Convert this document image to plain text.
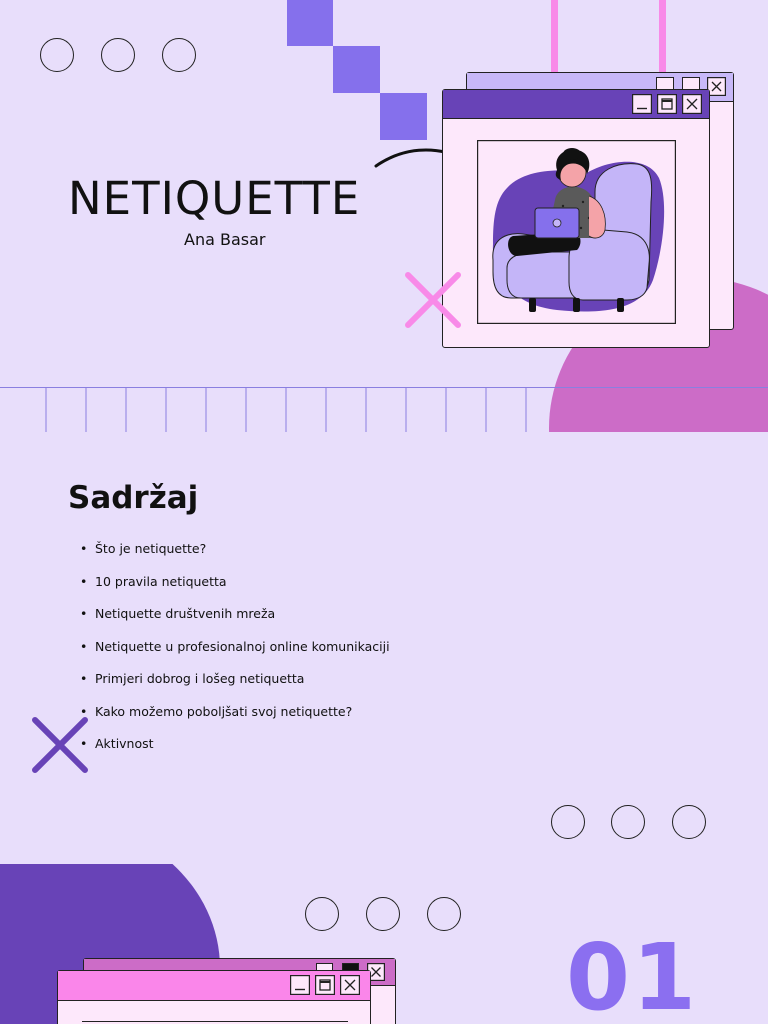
NETIQUETTE
Ana Basar
Sadržaj
• Što je netiquette?
• 10 pravila netiquetta
• Netiquette društvenih mreža
• Netiquette u profesionalnoj online komunikaciji
• Primjeri dobrog i lošeg netiquetta
• Kako možemo poboljšati svoj netiquette?
• Aktivnost
01
